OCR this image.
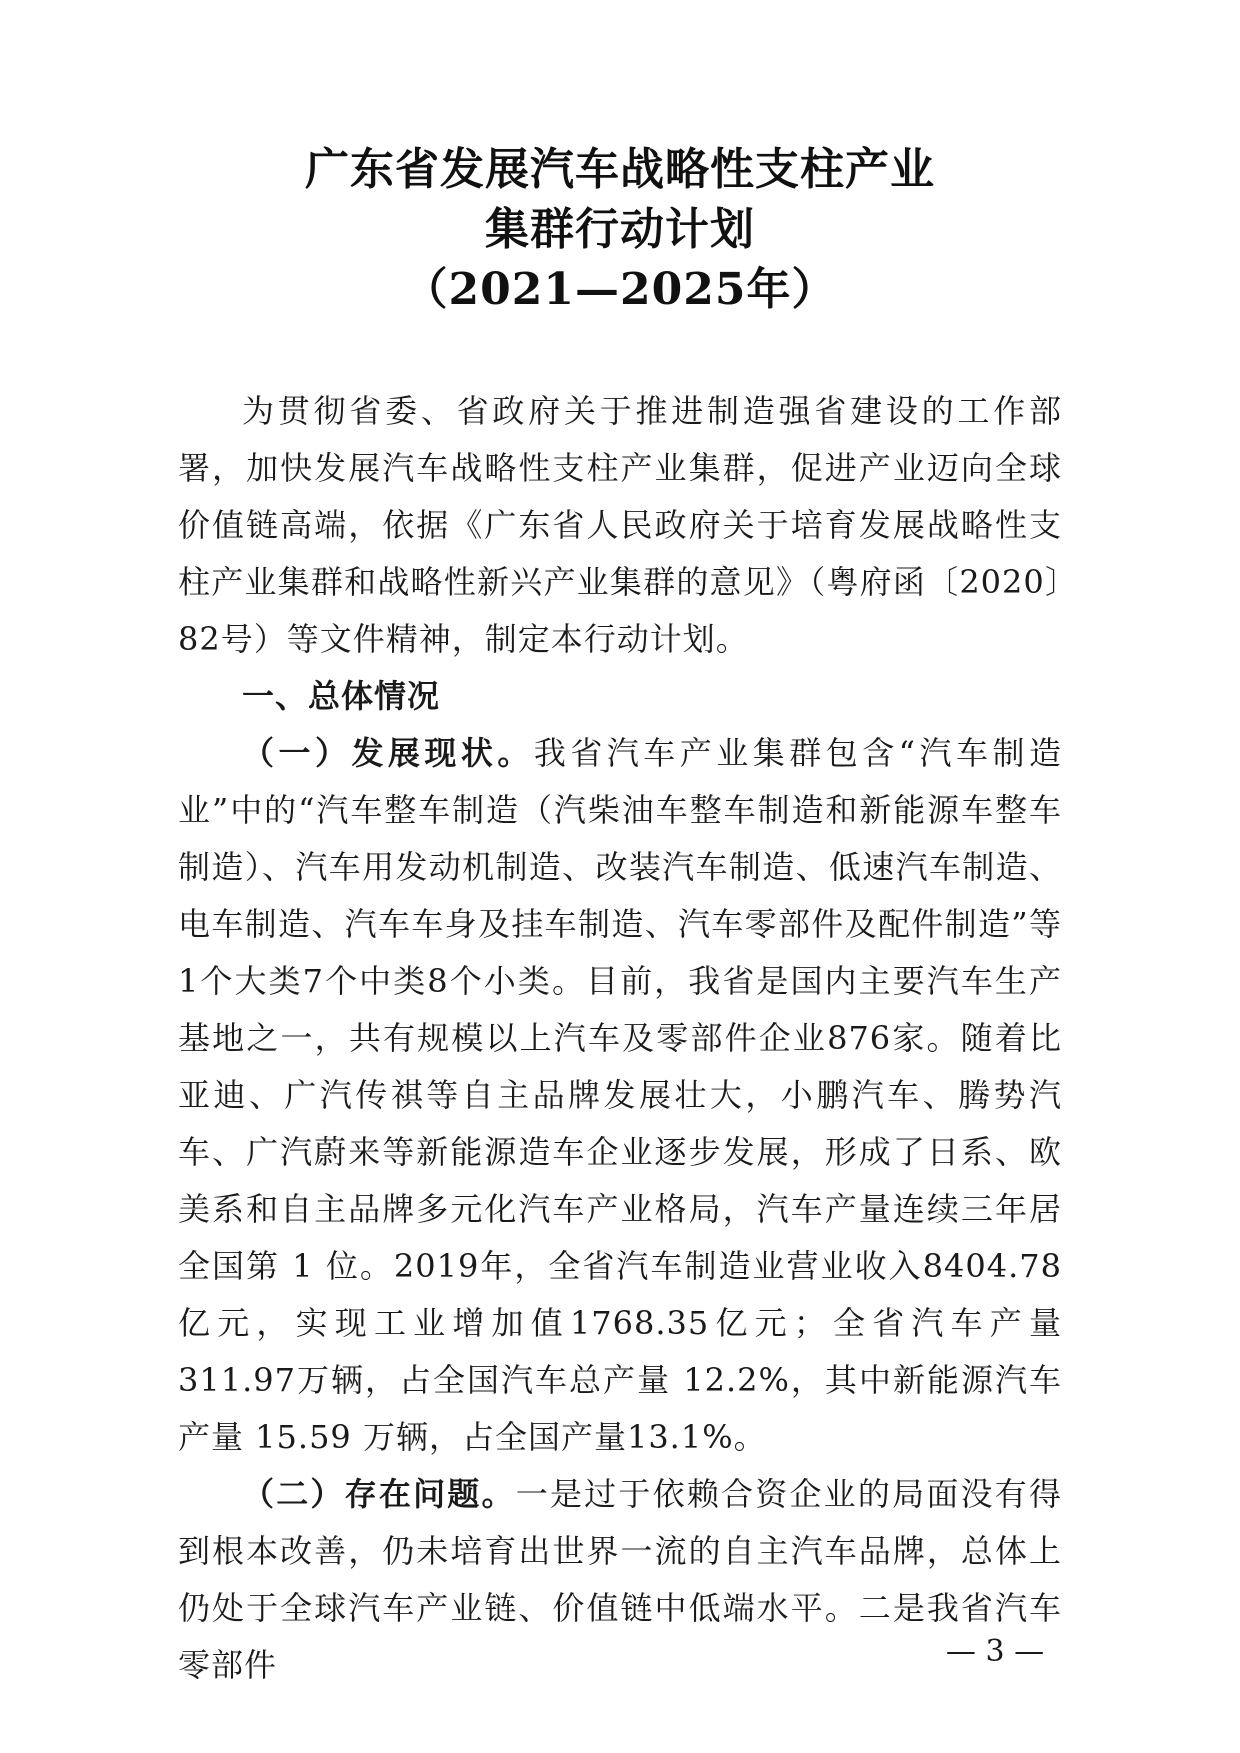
广东省发展汽车战略性支柱产业
集群行动计划
（2021—2025年）

为贯彻省委、省政府关于推进制造强省建设的工作部署，加快发展汽车战略性支柱产业集群，促进产业迈向全球价值链高端，依据《广东省人民政府关于培育发展战略性支柱产业集群和战略性新兴产业集群的意见》（粤府函〔2020〕82号）等文件精神，制定本行动计划。

一、总体情况

（一）发展现状。我省汽车产业集群包含“汽车制造业”中的“汽车整车制造（汽柴油车整车制造和新能源车整车制造）、汽车用发动机制造、改装汽车制造、低速汽车制造、电车制造、汽车车身及挂车制造、汽车零部件及配件制造”等1个大类7个中类8个小类。目前，我省是国内主要汽车生产基地之一，共有规模以上汽车及零部件企业876家。随着比亚迪、广汽传祺等自主品牌发展壮大，小鹏汽车、腾势汽车、广汽蔚来等新能源造车企业逐步发展，形成了日系、欧美系和自主品牌多元化汽车产业格局，汽车产量连续三年居全国第 1 位。2019年，全省汽车制造业营业收入8404.78亿元，实现工业增加值1768.35亿元；全省汽车产量311.97万辆，占全国汽车总产量 12.2%，其中新能源汽车产量 15.59 万辆，占全国产量13.1%。

（二）存在问题。一是过于依赖合资企业的局面没有得到根本改善，仍未培育出世界一流的自主汽车品牌，总体上仍处于全球汽车产业链、价值链中低端水平。二是我省汽车零部件	— 3 —
